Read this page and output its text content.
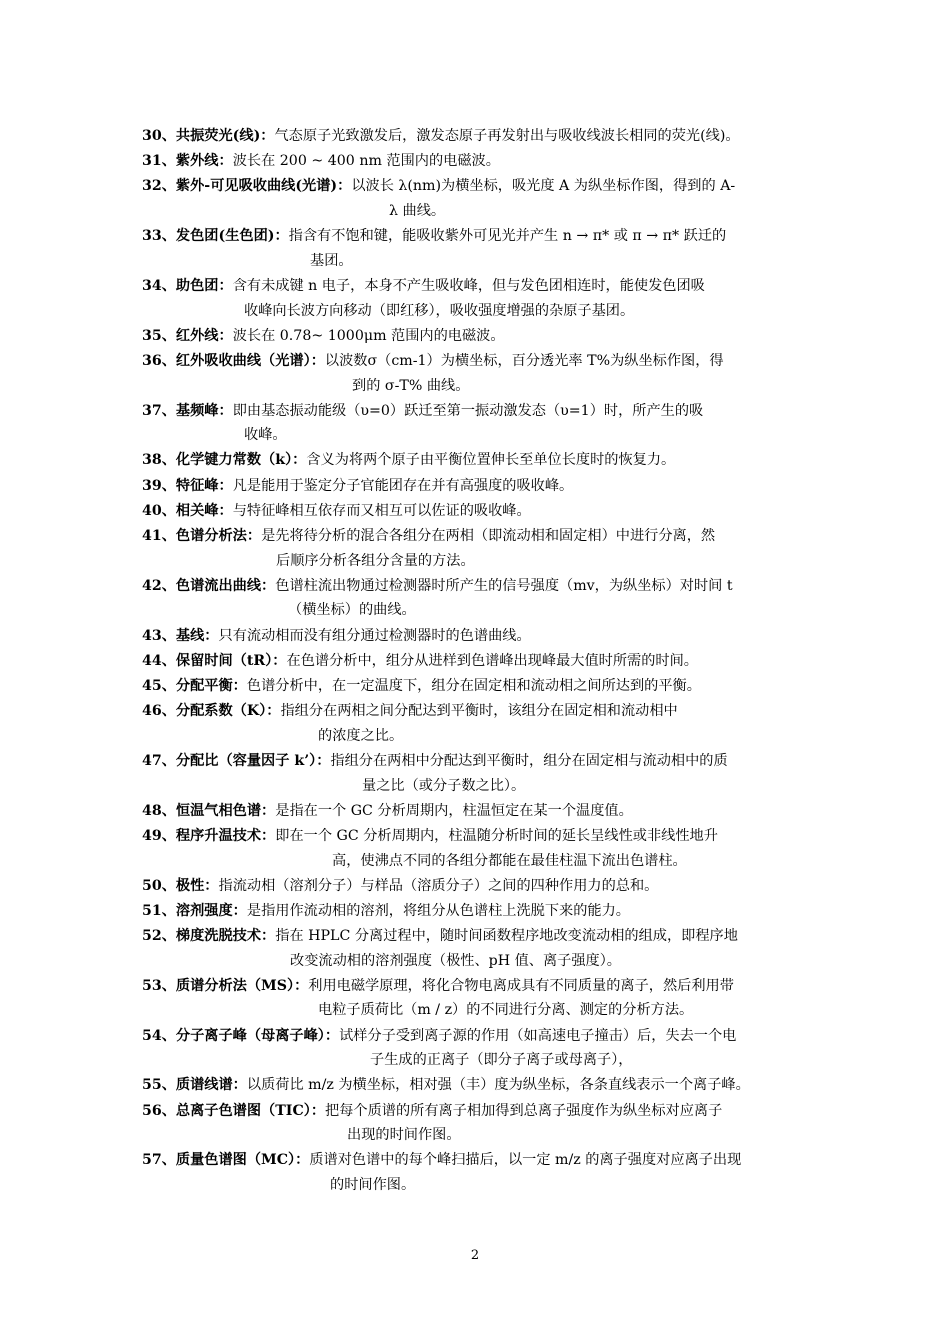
30、共振荧光(线)：气态原子光致激发后，激发态原子再发射出与吸收线波长相同的荧光(线)。
31、紫外线：波长在 200 ~ 400 nm 范围内的电磁波。
32、紫外-可见吸收曲线(光谱)：以波长 λ(nm)为横坐标，吸光度 A 为纵坐标作图，得到的 A-
λ 曲线。
33、发色团(生色团)：指含有不饱和键，能吸收紫外可见光并产生 n → π* 或 π → π* 跃迁的
基团。
34、助色团：含有未成键 n 电子，本身不产生吸收峰，但与发色团相连时，能使发色团吸
收峰向长波方向移动（即红移），吸收强度增强的杂原子基团。
35、红外线：波长在 0.78~ 1000μm 范围内的电磁波。
36、红外吸收曲线（光谱）：以波数σ（cm-1）为横坐标，百分透光率 T%为纵坐标作图，得
到的 σ-T% 曲线。
37、基频峰：即由基态振动能级（υ=0）跃迁至第一振动激发态（υ=1）时，所产生的吸
收峰。
38、化学键力常数（k）：含义为将两个原子由平衡位置伸长至单位长度时的恢复力。
39、特征峰：凡是能用于鉴定分子官能团存在并有高强度的吸收峰。
40、相关峰：与特征峰相互依存而又相互可以佐证的吸收峰。
41、色谱分析法：是先将待分析的混合各组分在两相（即流动相和固定相）中进行分离，然
后顺序分析各组分含量的方法。
42、色谱流出曲线：色谱柱流出物通过检测器时所产生的信号强度（mv，为纵坐标）对时间 t
（横坐标）的曲线。
43、基线：只有流动相而没有组分通过检测器时的色谱曲线。
44、保留时间（tR）：在色谱分析中，组分从进样到色谱峰出现峰最大值时所需的时间。
45、分配平衡：色谱分析中，在一定温度下，组分在固定相和流动相之间所达到的平衡。
46、分配系数（K）：指组分在两相之间分配达到平衡时，该组分在固定相和流动相中
的浓度之比。
47、分配比（容量因子 k’）：指组分在两相中分配达到平衡时，组分在固定相与流动相中的质
量之比（或分子数之比）。
48、恒温气相色谱：是指在一个 GC 分析周期内，柱温恒定在某一个温度值。
49、程序升温技术：即在一个 GC 分析周期内，柱温随分析时间的延长呈线性或非线性地升
高，使沸点不同的各组分都能在最佳柱温下流出色谱柱。
50、极性：指流动相（溶剂分子）与样品（溶质分子）之间的四种作用力的总和。
51、溶剂强度：是指用作流动相的溶剂，将组分从色谱柱上洗脱下来的能力。
52、梯度洗脱技术：指在 HPLC 分离过程中，随时间函数程序地改变流动相的组成，即程序地
改变流动相的溶剂强度（极性、pH 值、离子强度）。
53、质谱分析法（MS）：利用电磁学原理，将化合物电离成具有不同质量的离子，然后利用带
电粒子质荷比（m / z）的不同进行分离、测定的分析方法。
54、分子离子峰（母离子峰）：试样分子受到离子源的作用（如高速电子撞击）后，失去一个电
子生成的正离子（即分子离子或母离子），
55、质谱线谱：以质荷比 m/z 为横坐标，相对强（丰）度为纵坐标，各条直线表示一个离子峰。
56、总离子色谱图（TIC）：把每个质谱的所有离子相加得到总离子强度作为纵坐标对应离子
出现的时间作图。
57、质量色谱图（MC）：质谱对色谱中的每个峰扫描后，以一定 m/z 的离子强度对应离子出现
的时间作图。
2
